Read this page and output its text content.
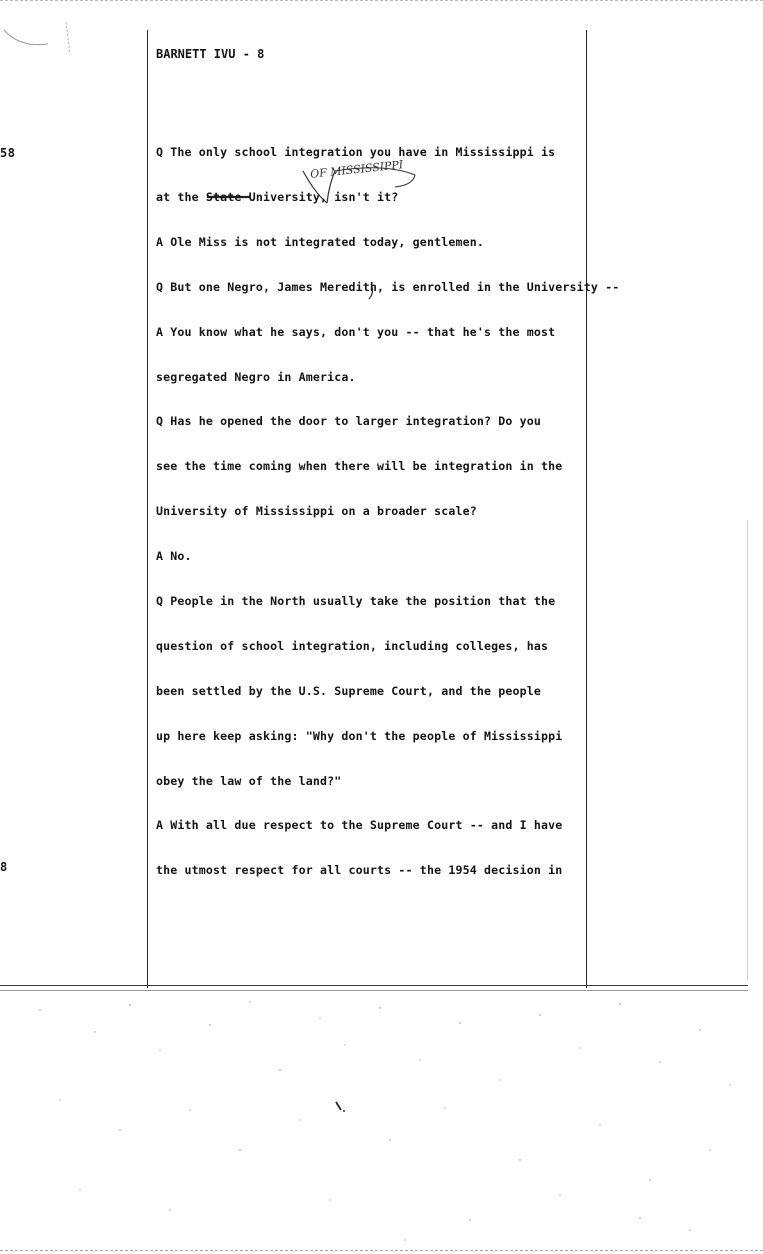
58
8
BARNETT IVU - 8
OF MISSISSIPPI
Q The only school integration you have in Mississippi is
at the State University, isn't it?
A Ole Miss is not integrated today, gentlemen.
Q But one Negro, James Meredith, is enrolled in the University --
A You know what he says, don't you -- that he's the most
segregated Negro in America.
Q Has he opened the door to larger integration? Do you
see the time coming when there will be integration in the
University of Mississippi on a broader scale?
A No.
Q People in the North usually take the position that the
question of school integration, including colleges, has
been settled by the U.S. Supreme Court, and the people
up here keep asking: "Why don't the people of Mississippi
obey the law of the land?"
A With all due respect to the Supreme Court -- and I have
the utmost respect for all courts -- the 1954 decision in
